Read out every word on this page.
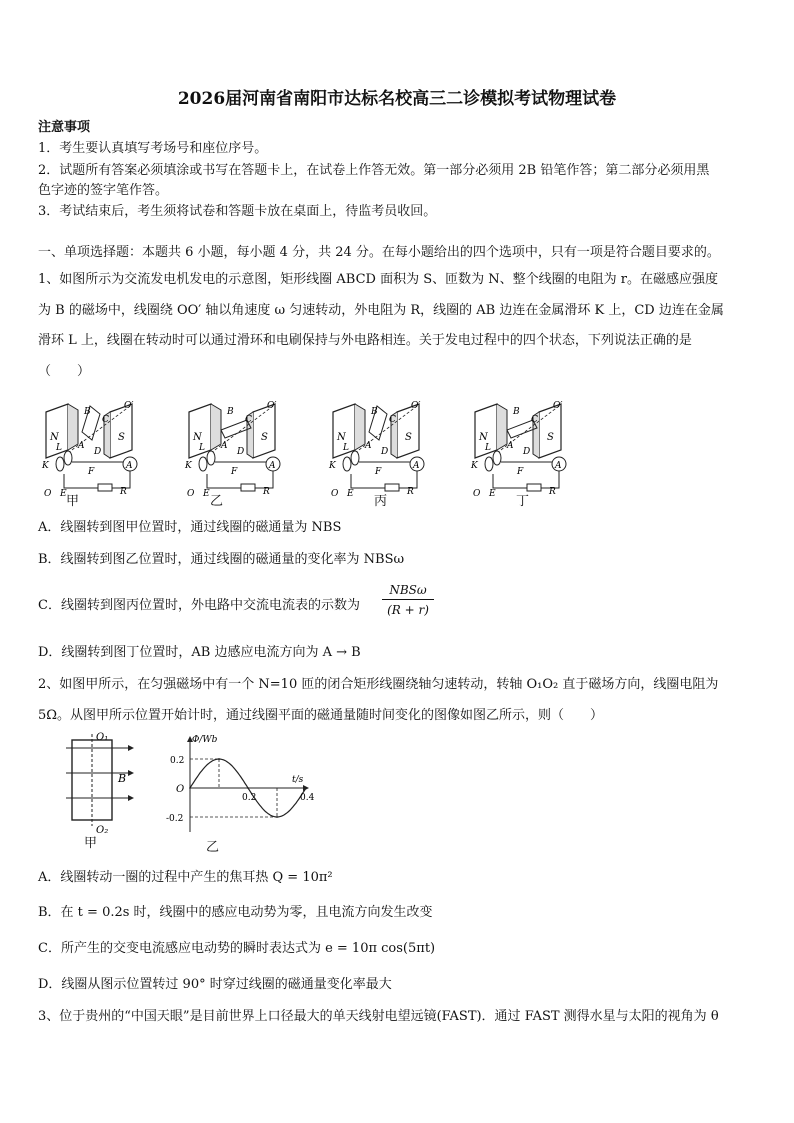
2026届河南省南阳市达标名校高三二诊模拟考试物理试卷
注意事项
1．考生要认真填写考场号和座位序号。
2．试题所有答案必须填涂或书写在答题卡上，在试卷上作答无效。第一部分必须用 2B 铅笔作答；第二部分必须用黑
色字迹的签字笔作答。
3．考试结束后，考生须将试卷和答题卡放在桌面上，待监考员收回。
一、单项选择题：本题共 6 小题，每小题 4 分，共 24 分。在每小题给出的四个选项中，只有一项是符合题目要求的。
1、如图所示为交流发电机发电的示意图，矩形线圈 ABCD 面积为 S、匝数为 N、整个线圈的电阻为 r。在磁感应强度
为 B 的磁场中，线圈绕 OO′ 轴以角速度 ω 匀速转动，外电阻为 R，线圈的 AB 边连在金属滑环 K 上，CD 边连在金属
滑环 L 上，线圈在转动时可以通过滑环和电刷保持与外电路相连。关于发电过程中的四个状态，下列说法正确的是
（　　）
N	S
B
C
A
D
O′
K
L
A
R
F
O E
N	S
B
C
A
D
O′
K
L
A
R
F
O E
N	S
B
C
A
D
O′
K
L
A
R
F
O E
N	S
B
C
A
D
O′
K
L
A
R
F
O E
甲	乙	丙	丁
A．线圈转到图甲位置时，通过线圈的磁通量为 NBS
B．线圈转到图乙位置时，通过线圈的磁通量的变化率为 NBSω
C．线圈转到图丙位置时，外电路中交流电流表的示数为
NBSω
(R + r)
D．线圈转到图丁位置时，AB 边感应电流方向为 A → B
2、如图甲所示，在匀强磁场中有一个 N=10 匝的闭合矩形线圈绕轴匀速转动，转轴 O₁O₂ 直于磁场方向，线圈电阻为
5Ω。从图甲所示位置开始计时，通过线圈平面的磁通量随时间变化的图像如图乙所示，则（　　）
O₁
O₂
B
甲
Φ/Wb
t/s
O
0.2
-0.2
0.2	0.4
乙
A．线圈转动一圈的过程中产生的焦耳热 Q = 10π²
B．在 t = 0.2s 时，线圈中的感应电动势为零，且电流方向发生改变
C．所产生的交变电流感应电动势的瞬时表达式为 e = 10π cos(5πt)
D．线圈从图示位置转过 90° 时穿过线圈的磁通量变化率最大
3、位于贵州的“中国天眼”是目前世界上口径最大的单天线射电望远镜(FAST)．通过 FAST 测得水星与太阳的视角为 θ
